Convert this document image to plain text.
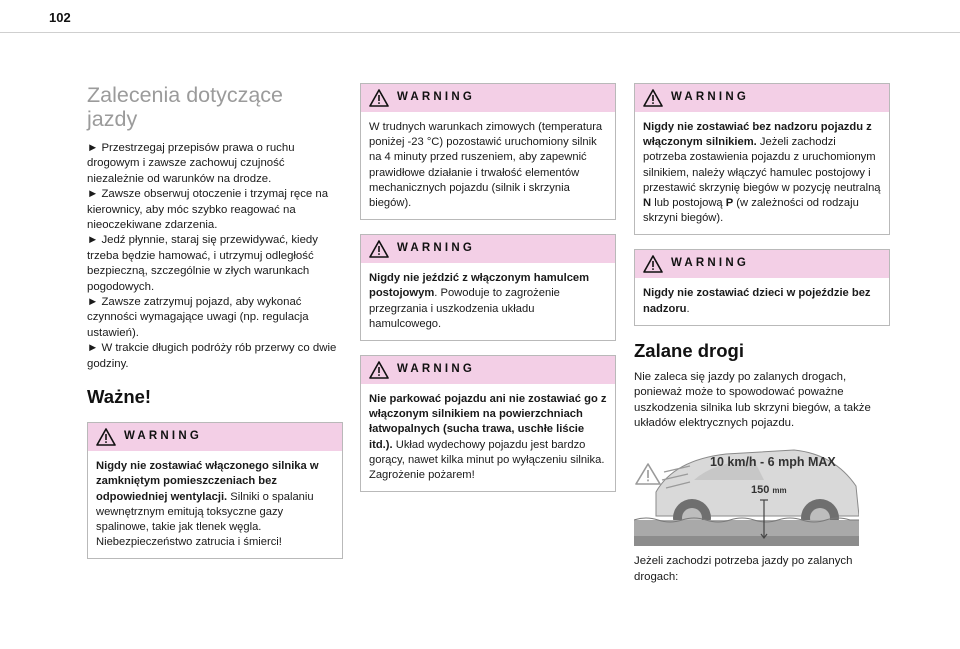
102
Zalecenia dotyczące jazdy

► Przestrzegaj przepisów prawa o ruchu drogowym i zawsze zachowuj czujność niezależnie od warunków na drodze.

► Zawsze obserwuj otoczenie i trzymaj ręce na kierownicy, aby móc szybko reagować na nieoczekiwane zdarzenia.

► Jedź płynnie, staraj się przewidywać, kiedy trzeba będzie hamować, i utrzymuj odległość bezpieczną, szczególnie w złych warunkach pogodowych.

► Zawsze zatrzymuj pojazd, aby wykonać czynności wymagające uwagi (np. regulacja ustawień).

► W trakcie długich podróży rób przerwy co dwie godziny.

Ważne!
WARNING
Nigdy nie zostawiać włączonego silnika w zamkniętym pomieszczeniach bez odpowiedniej wentylacji. Silniki o spalaniu wewnętrznym emitują toksyczne gazy spalinowe, takie jak tlenek węgla. Niebezpieczeństwo zatrucia i śmierci!
WARNING
W trudnych warunkach zimowych (temperatura poniżej -23 °C) pozostawić uruchomiony silnik na 4 minuty przed ruszeniem, aby zapewnić prawidłowe działanie i trwałość elementów mechanicznych pojazdu (silnik i skrzynia biegów).
WARNING
Nigdy nie jeździć z włączonym hamulcem postojowym. Powoduje to zagrożenie przegrzania i uszkodzenia układu hamulcowego.
WARNING
Nie parkować pojazdu ani nie zostawiać go z włączonym silnikiem na powierzchniach łatwopalnych (sucha trawa, uschłe liście itd.). Układ wydechowy pojazdu jest bardzo gorący, nawet kilka minut po wyłączeniu silnika. Zagrożenie pożarem!
WARNING
Nigdy nie zostawiać bez nadzoru pojazdu z włączonym silnikiem. Jeżeli zachodzi potrzeba zostawienia pojazdu z uruchomionym silnikiem, należy włączyć hamulec postojowy i przestawić skrzynię biegów w pozycję neutralną N lub postojową P (w zależności od rodzaju skrzyni biegów).
WARNING
Nigdy nie zostawiać dzieci w pojeździe bez nadzoru.
Zalane drogi

Nie zaleca się jazdy po zalanych drogach, ponieważ może to spowodować poważne uszkodzenia silnika lub skrzyni biegów, a także układów elektrycznych pojazdu.

10 km/h - 6 mph MAX
150 mm

Jeżeli zachodzi potrzeba jazdy po zalanych drogach:
